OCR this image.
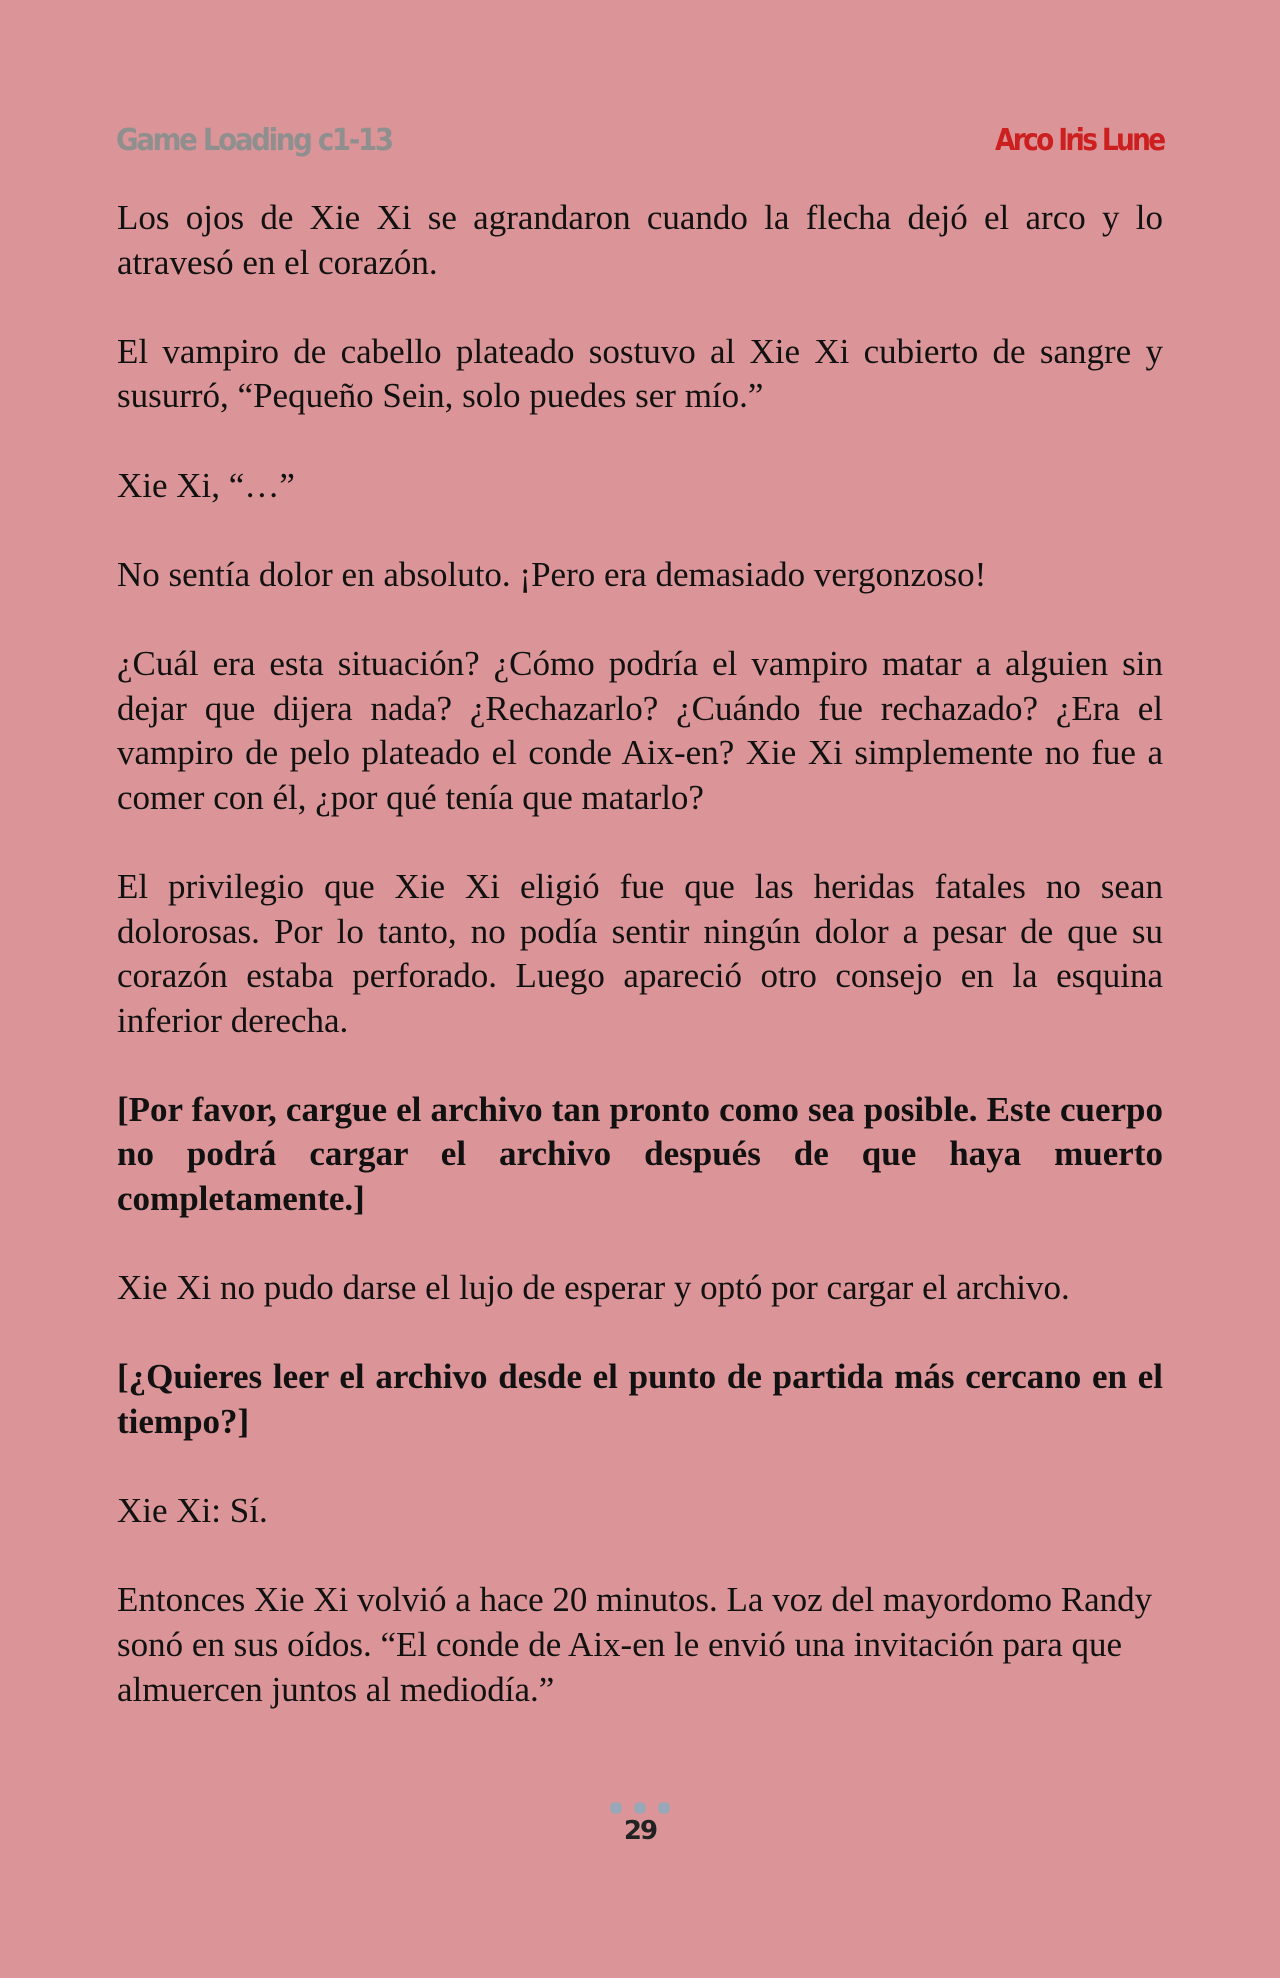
Game Loading c1-13	Arco Iris Lune

Los ojos de Xie Xi se agrandaron cuando la flecha dejó el arco y lo atravesó en el corazón.

El vampiro de cabello plateado sostuvo al Xie Xi cubierto de sangre y susurró, “Pequeño Sein, solo puedes ser mío.”

Xie Xi, “…”

No sentía dolor en absoluto. ¡Pero era demasiado vergonzoso!

¿Cuál era esta situación? ¿Cómo podría el vampiro matar a alguien sin dejar que dijera nada? ¿Rechazarlo? ¿Cuándo fue rechazado? ¿Era el vampiro de pelo plateado el conde Aix-en? Xie Xi simplemente no fue a comer con él, ¿por qué tenía que matarlo?

El privilegio que Xie Xi eligió fue que las heridas fatales no sean dolorosas. Por lo tanto, no podía sentir ningún dolor a pesar de que su corazón estaba perforado. Luego apareció otro consejo en la esquina inferior derecha.

[Por favor, cargue el archivo tan pronto como sea posible. Este cuerpo no podrá cargar el archivo después de que haya muerto completamente.]

Xie Xi no pudo darse el lujo de esperar y optó por cargar el archivo.

[¿Quieres leer el archivo desde el punto de partida más cercano en el tiempo?]

Xie Xi: Sí.

Entonces Xie Xi volvió a hace 20 minutos. La voz del mayordomo Randy sonó en sus oídos. “El conde de Aix-en le envió una invitación para que almuercen juntos al mediodía.”

29
